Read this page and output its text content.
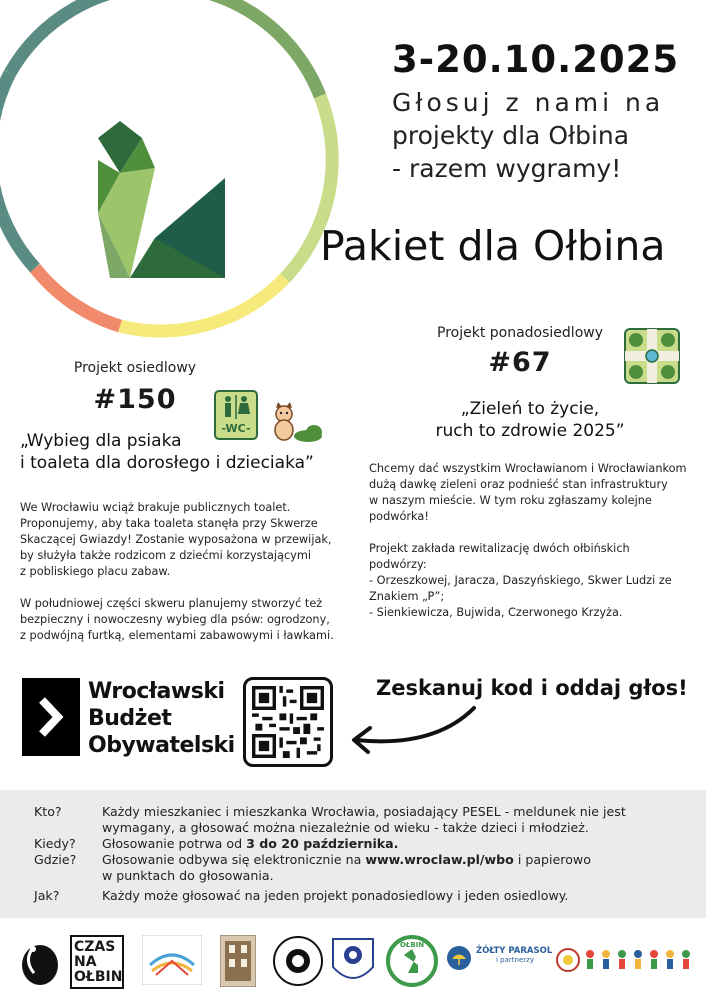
3-20.10.2025
Głosuj z nami na
projekty dla Ołbina
- razem wygramy!
Pakiet dla Ołbina
Projekt osiedlowy
#150
-WC-
„Wybieg dla psiaka
i toaleta dla dorosłego i dzieciaka”

We Wrocławiu wciąż brakuje publicznych toalet.
Proponujemy, aby taka toaleta stanęła przy Skwerze
Skaczącej Gwiazdy! Zostanie wyposażona w przewijak,
by służyła także rodzicom z dziećmi korzystającymi
z pobliskiego placu zabaw.

W południowej części skweru planujemy stworzyć też
bezpieczny i nowoczesny wybieg dla psów: ogrodzony,
z podwójną furtką, elementami zabawowymi i ławkami.

Projekt ponadosiedlowy
#67
„Zieleń to życie,
ruch to zdrowie 2025”

Chcemy dać wszystkim Wrocławianom i Wrocławiankom
dużą dawkę zieleni oraz podnieść stan infrastruktury
w naszym mieście. W tym roku zgłaszamy kolejne
podwórka!

Projekt zakłada rewitalizację dwóch ołbińskich podwórzy:
- Orzeszkowej, Jaracza, Daszyńskiego, Skwer Ludzi ze
Znakiem „P”;
- Sienkiewicza, Bujwida, Czerwonego Krzyża.

Wrocławski
Budżet
Obywatelski
Zeskanuj kod i oddaj głos!
Kto?	Każdy mieszkaniec i mieszkanka Wrocławia, posiadający PESEL - meldunek nie jest
wymagany, a głosować można niezależnie od wieku - także dzieci i młodzież.
Kiedy? Głosowanie potrwa od 3 do 20 października.
Gdzie? Głosowanie odbywa się elektronicznie na www.wroclaw.pl/wbo i papierowo
w punktach do głosowania.
Jak?	Każdy może głosować na jeden projekt ponadosiedlowy i jeden osiedlowy.
CZAS
NA
OŁBIN
OŁBIN
ŻÓŁTY PARASOL
i partnerzy
